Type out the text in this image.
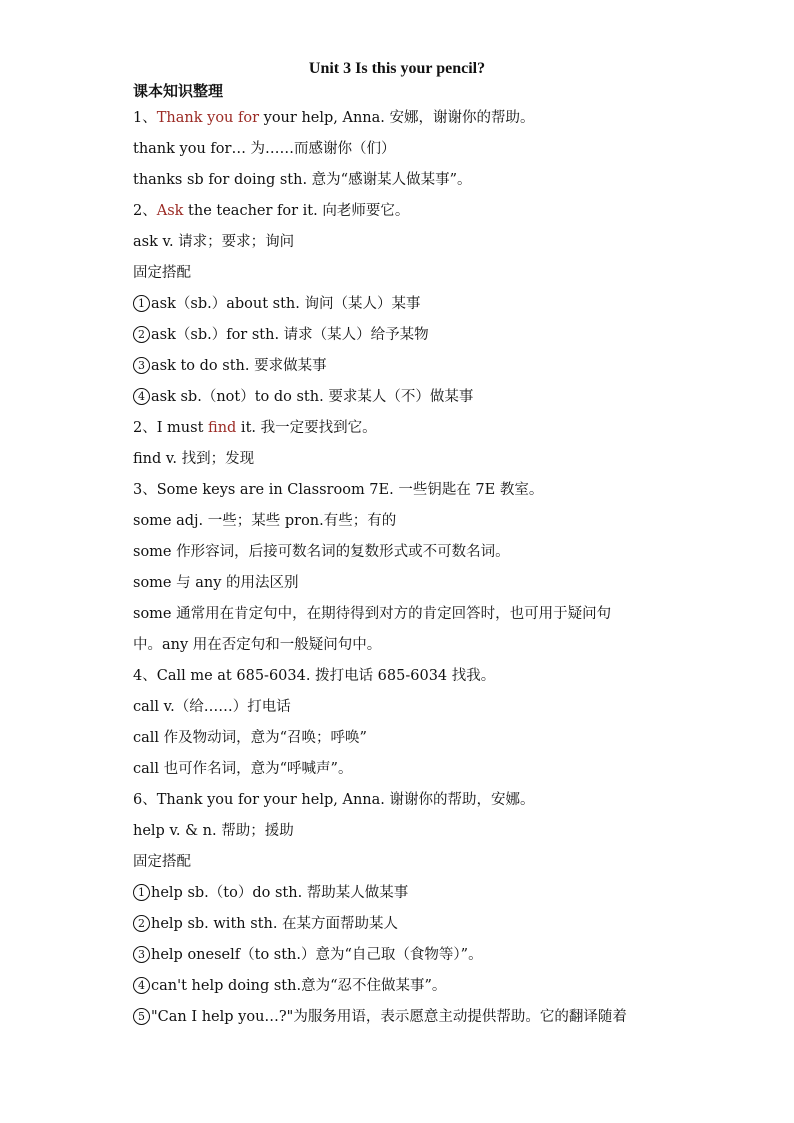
Unit 3 Is this your pencil?
课本知识整理
1、Thank you for your help, Anna. 安娜，谢谢你的帮助。
thank you for… 为……而感谢你（们）
thanks sb for doing sth. 意为“感谢某人做某事”。
2、Ask the teacher for it. 向老师要它。
ask v. 请求；要求；询问
固定搭配
1 ask（sb.）about sth. 询问（某人）某事
2 ask（sb.）for sth. 请求（某人）给予某物
3 ask to do sth. 要求做某事
4 ask sb.（not）to do sth. 要求某人（不）做某事
2、I must find it. 我一定要找到它。
find v. 找到；发现
3、Some keys are in Classroom 7E. 一些钥匙在 7E 教室。
some adj. 一些；某些 pron.有些；有的
some 作形容词，后接可数名词的复数形式或不可数名词。
some 与 any 的用法区别
some 通常用在肯定句中，在期待得到对方的肯定回答时，也可用于疑问句
中。any 用在否定句和一般疑问句中。
4、Call me at 685-6034. 拨打电话 685-6034 找我。
call v.（给……）打电话
call 作及物动词，意为“召唤；呼唤”
call 也可作名词，意为“呼喊声”。
6、Thank you for your help, Anna. 谢谢你的帮助，安娜。
help v. & n. 帮助；援助
固定搭配
1 help sb.（to）do sth. 帮助某人做某事
2 help sb. with sth. 在某方面帮助某人
3 help oneself（to sth.）意为“自己取（食物等）”。
4 can't help doing sth.意为“忍不住做某事”。
5 "Can I help you…?"为服务用语，表示愿意主动提供帮助。它的翻译随着
